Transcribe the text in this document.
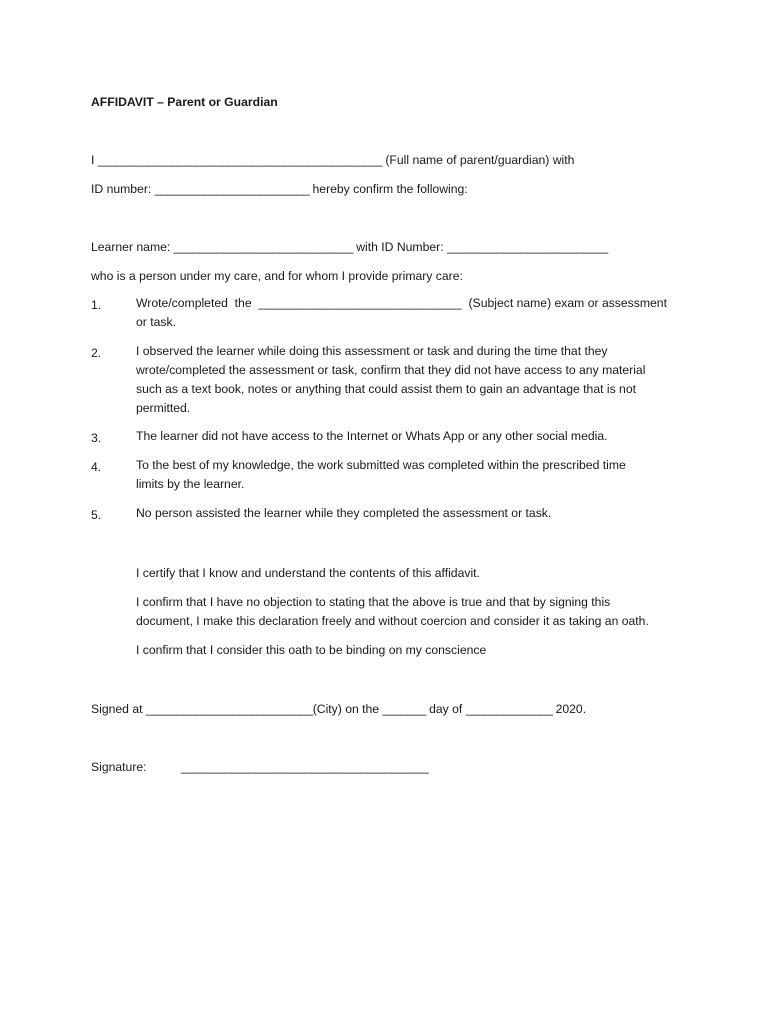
AFFIDAVIT – Parent or Guardian
I ______________________________________________ (Full name of parent/guardian) with
ID number: _________________________ hereby confirm the following:
Learner name: _____________________________ with ID Number: __________________________
who is a person under my care, and for whom I provide primary care:
1.	Wrote/completed  the  ______________________________  (Subject name) exam or assessment
or task.
2.	I observed the learner while doing this assessment or task and during the time that they
wrote/completed the assessment or task, confirm that they did not have access to any material
such as a text book, notes or anything that could assist them to gain an advantage that is not
permitted.
3.	The learner did not have access to the Internet or Whats App or any other social media.
4.	To the best of my knowledge, the work submitted was completed within the prescribed time
limits by the learner.
5.	No person assisted the learner while they completed the assessment or task.
I certify that I know and understand the contents of this affidavit.
I confirm that I have no objection to stating that the above is true and that by signing this
document, I make this declaration freely and without coercion and consider it as taking an oath.
I confirm that I consider this oath to be binding on my conscience
Signed at ___________________________(City) on the _______ day of ______________ 2020.
Signature:	________________________________________
